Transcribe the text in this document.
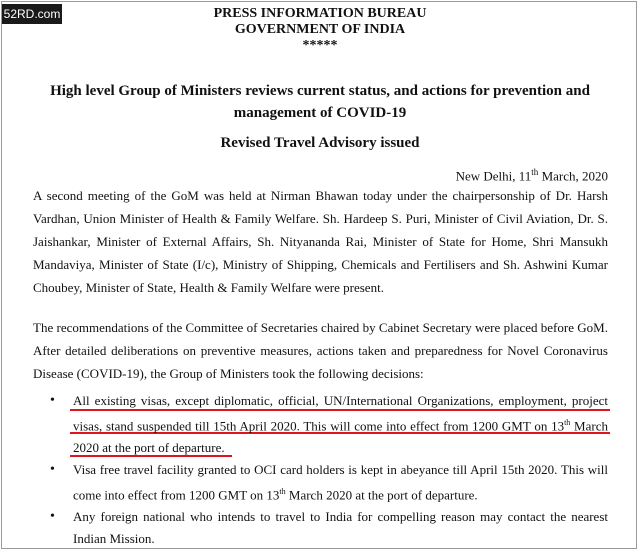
52RD.com	PRESS INFORMATION BUREAU
GOVERNMENT OF INDIA
*****
High level Group of Ministers reviews current status, and actions for prevention and management of COVID-19
Revised Travel Advisory issued
New Delhi, 11th March, 2020
A second meeting of the GoM was held at Nirman Bhawan today under the chairpersonship of Dr. Harsh Vardhan, Union Minister of Health & Family Welfare. Sh. Hardeep S. Puri, Minister of Civil Aviation, Dr. S. Jaishankar, Minister of External Affairs, Sh. Nityananda Rai, Minister of State for Home, Shri Mansukh Mandaviya, Minister of State (I/c), Ministry of Shipping, Chemicals and Fertilisers and Sh. Ashwini Kumar Choubey, Minister of State, Health & Family Welfare were present.
The recommendations of the Committee of Secretaries chaired by Cabinet Secretary were placed before GoM. After detailed deliberations on preventive measures, actions taken and preparedness for Novel Coronavirus Disease (COVID-19), the Group of Ministers took the following decisions:
• All existing visas, except diplomatic, official, UN/International Organizations, employment, project visas, stand suspended till 15th April 2020. This will come into effect from 1200 GMT on 13th March 2020 at the port of departure.
• Visa free travel facility granted to OCI card holders is kept in abeyance till April 15th 2020. This will come into effect from 1200 GMT on 13th March 2020 at the port of departure.
• Any foreign national who intends to travel to India for compelling reason may contact the nearest Indian Mission.
